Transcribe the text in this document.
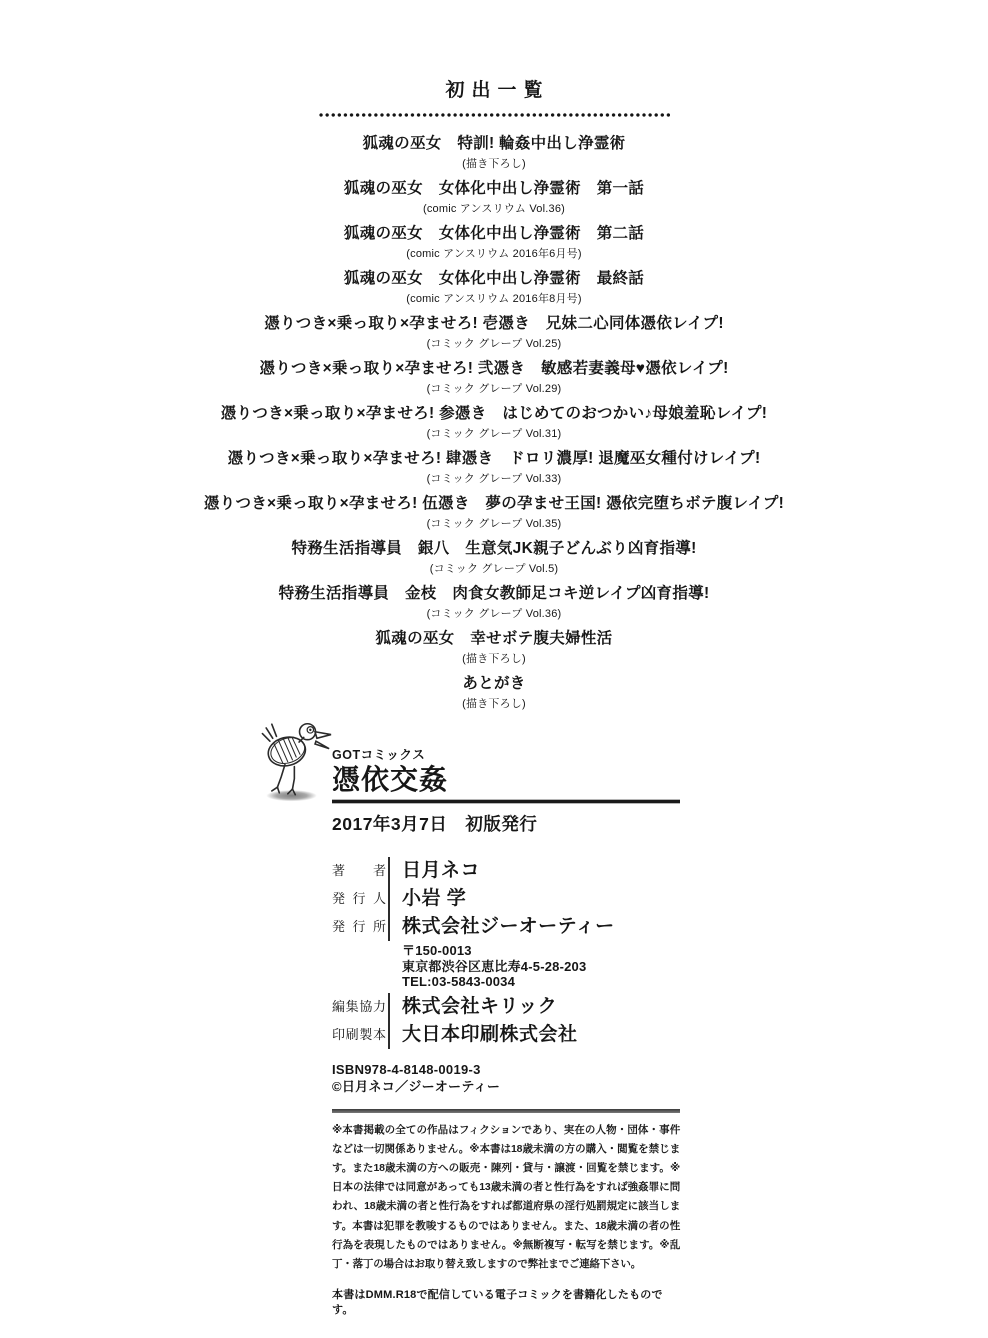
初出一覧
狐魂の巫女　特訓! 輪姦中出し浄霊術
(描き下ろし)
狐魂の巫女　女体化中出し浄霊術　第一話
(comic アンスリウム Vol.36)
狐魂の巫女　女体化中出し浄霊術　第二話
(comic アンスリウム 2016年6月号)
狐魂の巫女　女体化中出し浄霊術　最終話
(comic アンスリウム 2016年8月号)
憑りつき×乗っ取り×孕ませろ! 壱憑き　兄妹二心同体憑依レイプ!
(コミック グレープ Vol.25)
憑りつき×乗っ取り×孕ませろ! 弐憑き　敏感若妻義母♥憑依レイプ!
(コミック グレープ Vol.29)
憑りつき×乗っ取り×孕ませろ! 参憑き　はじめてのおつかい♪母娘羞恥レイプ!
(コミック グレープ Vol.31)
憑りつき×乗っ取り×孕ませろ! 肆憑き　ドロリ濃厚! 退魔巫女種付けレイプ!
(コミック グレープ Vol.33)
憑りつき×乗っ取り×孕ませろ! 伍憑き　夢の孕ませ王国! 憑依完堕ちボテ腹レイプ!
(コミック グレープ Vol.35)
特務生活指導員　銀八　生意気JK親子どんぶり凶育指導!
(コミック グレープ Vol.5)
特務生活指導員　金枝　肉食女教師足コキ逆レイプ凶育指導!
(コミック グレープ Vol.36)
狐魂の巫女　幸せボテ腹夫婦性活
(描き下ろし)
あとがき
(描き下ろし)
GOTコミックス
憑依交姦
2017年3月7日　初版発行
著者 日月ネコ
発行人 小岩 学
発行所 株式会社ジーオーティー
〒150-0013
東京都渋谷区恵比寿4-5-28-203
TEL:03-5843-0034
編集協力 株式会社キリック
印刷製本 大日本印刷株式会社
ISBN978-4-8148-0019-3
©日月ネコ／ジーオーティー

※本書掲載の全ての作品はフィクションであり、実在の人物・団体・事件などは一切関係ありません。※本書は18歳未満の方の購入・閲覧を禁じます。また18歳未満の方への販売・陳列・貸与・譲渡・回覧を禁じます。※日本の法律では同意があっても13歳未満の者と性行為をすれば強姦罪に問われ、18歳未満の者と性行為をすれば都道府県の淫行処罰規定に該当します。本書は犯罪を教唆するものではありません。また、18歳未満の者の性行為を表現したものではありません。※無断複写・転写を禁じます。※乱丁・落丁の場合はお取り替え致しますので弊社までご連絡下さい。

本書はDMM.R18で配信している電子コミックを書籍化したものです。
